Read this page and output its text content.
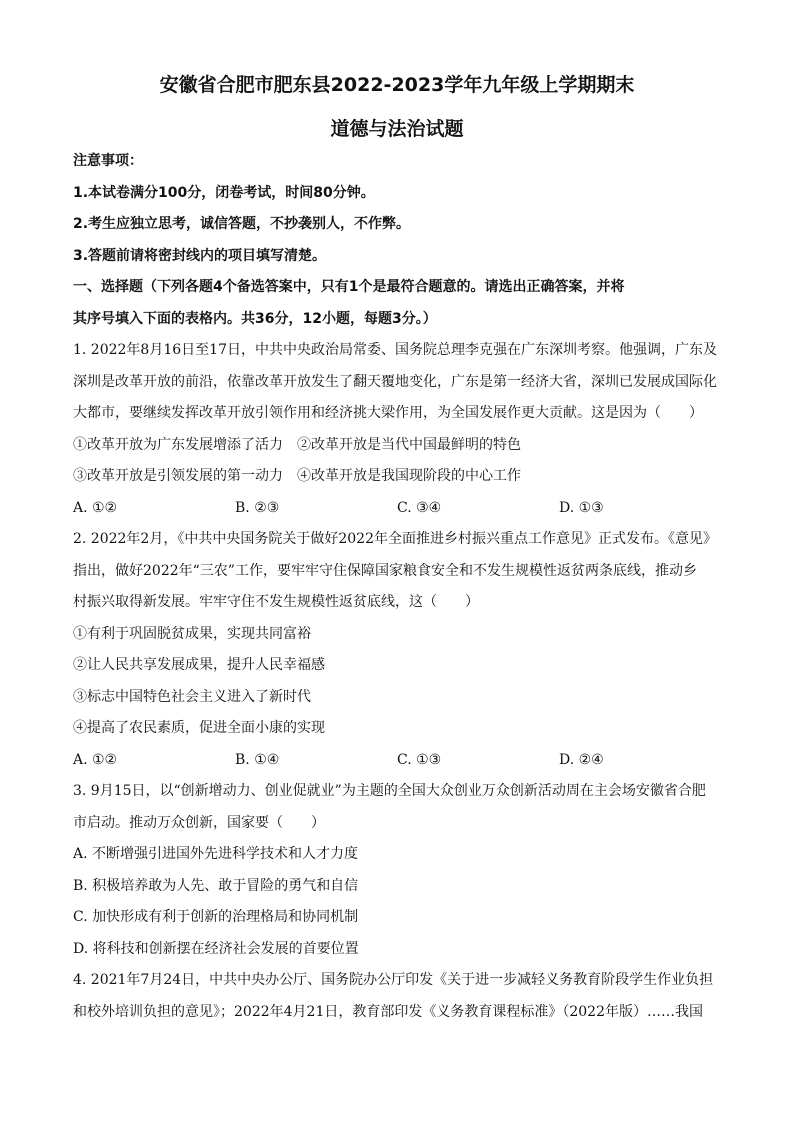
安徽省合肥市肥东县2022-2023学年九年级上学期期末
道德与法治试题
注意事项：
1.本试卷满分100分，闭卷考试，时间80分钟。
2.考生应独立思考，诚信答题，不抄袭别人，不作弊。
3.答题前请将密封线内的项目填写清楚。
一、选择题（下列各题4个备选答案中，只有1个是最符合题意的。请选出正确答案，并将
其序号填入下面的表格内。共36分，12小题，每题3分。）
1. 2022年8月16日至17日，中共中央政治局常委、国务院总理李克强在广东深圳考察。他强调，广东及
深圳是改革开放的前沿，依靠改革开放发生了翻天覆地变化，广东是第一经济大省，深圳已发展成国际化
大都市，要继续发挥改革开放引领作用和经济挑大梁作用，为全国发展作更大贡献。这是因为（　　）
①改革开放为广东发展增添了活力　②改革开放是当代中国最鲜明的特色
③改革开放是引领发展的第一动力　④改革开放是我国现阶段的中心工作
A. ①②	B. ②③	C. ③④	D. ①③
2. 2022年2月，《中共中央国务院关于做好2022年全面推进乡村振兴重点工作意见》正式发布。《意见》
指出，做好2022年“三农”工作，要牢牢守住保障国家粮食安全和不发生规模性返贫两条底线，推动乡
村振兴取得新发展。牢牢守住不发生规模性返贫底线，这（　　）
①有利于巩固脱贫成果，实现共同富裕
②让人民共享发展成果，提升人民幸福感
③标志中国特色社会主义进入了新时代
④提高了农民素质，促进全面小康的实现
A. ①②	B. ①④	C. ①③	D. ②④
3. 9月15日，以“创新增动力、创业促就业”为主题的全国大众创业万众创新活动周在主会场安徽省合肥
市启动。推动万众创新，国家要（　　）
A. 不断增强引进国外先进科学技术和人才力度
B. 积极培养敢为人先、敢于冒险的勇气和自信
C. 加快形成有利于创新的治理格局和协同机制
D. 将科技和创新摆在经济社会发展的首要位置
4. 2021年7月24日，中共中央办公厅、国务院办公厅印发《关于进一步减轻义务教育阶段学生作业负担
和校外培训负担的意见》；2022年4月21日，教育部印发《义务教育课程标准》（2022年版）……我国
